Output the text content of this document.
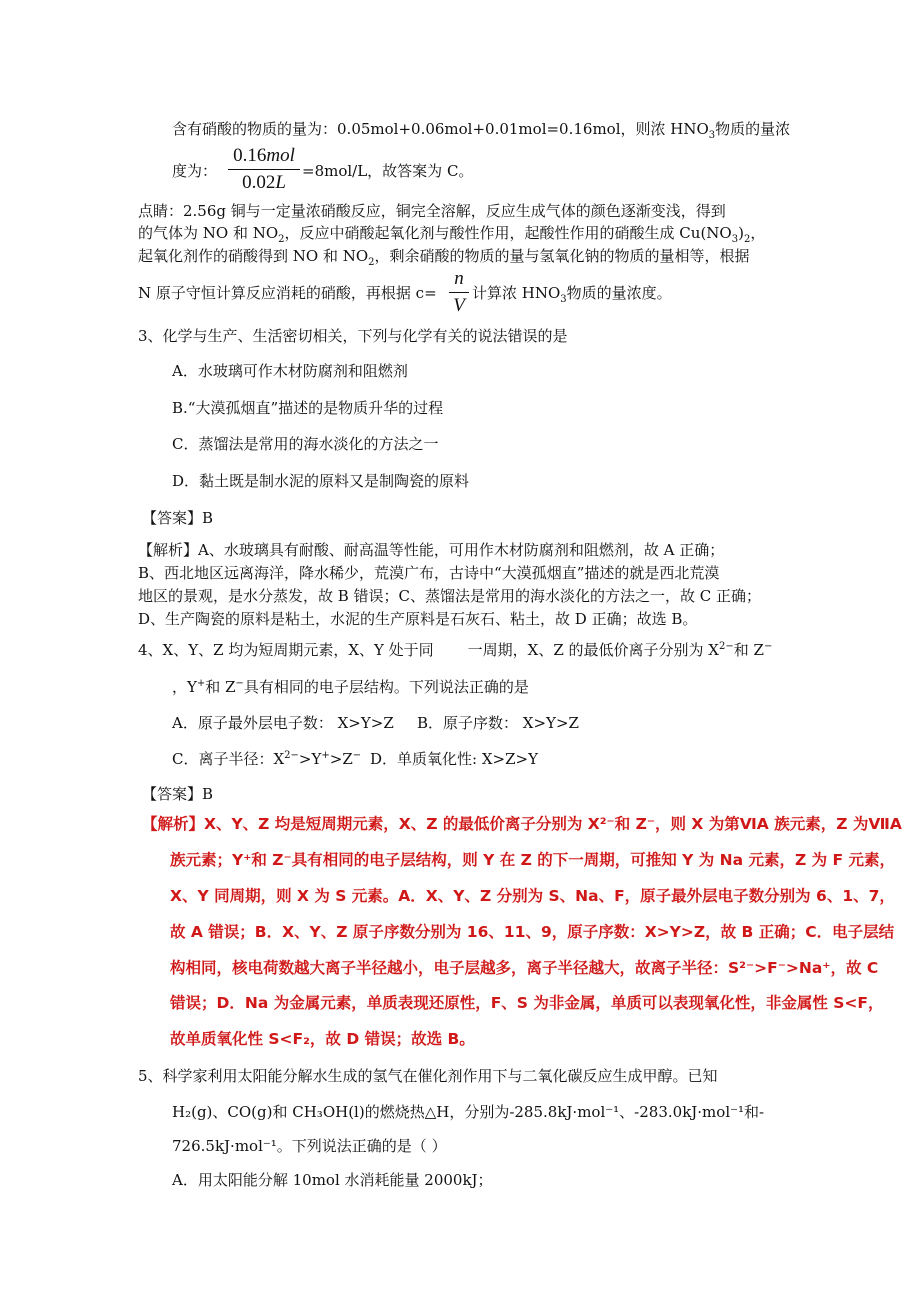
含有硝酸的物质的量为：0.05mol+0.06mol+0.01mol=0.16mol，则浓 $HNO_3$物质的量浓
度为：
0.16mol
0.02L
=8mol/L，故答案为 C。
点睛：2.56g 铜与一定量浓硝酸反应，铜完全溶解，反应生成气体的颜色逐渐变浅，得到
的气体为 NO 和 $NO_2$，反应中硝酸起氧化剂与酸性作用，起酸性作用的硝酸生成 $Cu(NO_3)_2$，
起氧化剂作的硝酸得到 NO 和 $NO_2$，剩余硝酸的物质的量与氢氧化钠的物质的量相等，根据
N 原子守恒计算反应消耗的硝酸，再根据 c=
n
V
计算浓 $HNO_3$物质的量浓度。
3、化学与生产、生活密切相关，下列与化学有关的说法错误的是
A．水玻璃可作木材防腐剂和阻燃剂
B.“大漠孤烟直”描述的是物质升华的过程
C．蒸馏法是常用的海水淡化的方法之一
D．黏土既是制水泥的原料又是制陶瓷的原料
【答案】B
【解析】A、水玻璃具有耐酸、耐高温等性能，可用作木材防腐剂和阻燃剂，故 A 正确；
B、西北地区远离海洋，降水稀少，荒漠广布，古诗中“大漠孤烟直”描述的就是西北荒漠
地区的景观，是水分蒸发，故 B 错误；C、蒸馏法是常用的海水淡化的方法之一，故 C 正确；
D、生产陶瓷的原料是粘土，水泥的生产原料是石灰石、粘土，故 D 正确；故选 B。
4、X、Y、Z 均为短周期元素，X、Y 处于同 一周期，X、Z 的最低价离子分别为 $X^{2-}$和 Z−
，Y+和 Z−具有相同的电子层结构。下列说法正确的是
A．原子最外层电子数： X>Y>Z B．原子序数： X>Y>Z
C．离子半径：$X^{2-}>Y^+>Z^-$ D．单质氧化性: X>Z>Y
【答案】B
【解析】X、Y、Z 均是短周期元素，X、Z 的最低价离子分别为 X²⁻和 Z⁻，则 X 为第ⅥA 族元素，Z 为ⅦA
族元素；Y⁺和 Z⁻具有相同的电子层结构，则 Y 在 Z 的下一周期，可推知 Y 为 Na 元素，Z 为 F 元素，
X、Y 同周期，则 X 为 S 元素。A．X、Y、Z 分别为 S、Na、F，原子最外层电子数分别为 6、1、7，
故 A 错误；B．X、Y、Z 原子序数分别为 16、11、9，原子序数：X>Y>Z，故 B 正确；C．电子层结
构相同，核电荷数越大离子半径越小，电子层越多，离子半径越大，故离子半径：S²⁻>F⁻>Na⁺，故 C
错误；D．Na 为金属元素，单质表现还原性，F、S 为非金属，单质可以表现氧化性，非金属性 S<F，
故单质氧化性 S<F₂，故 D 错误；故选 B。
5、科学家利用太阳能分解水生成的氢气在催化剂作用下与二氧化碳反应生成甲醇。已知
H₂(g)、CO(g)和 CH₃OH(l)的燃烧热△H，分别为-285.8kJ·mol⁻¹、-283.0kJ·mol⁻¹和-
726.5kJ·mol⁻¹。下列说法正确的是（ ）
A．用太阳能分解 10mol 水消耗能量 2000kJ；
